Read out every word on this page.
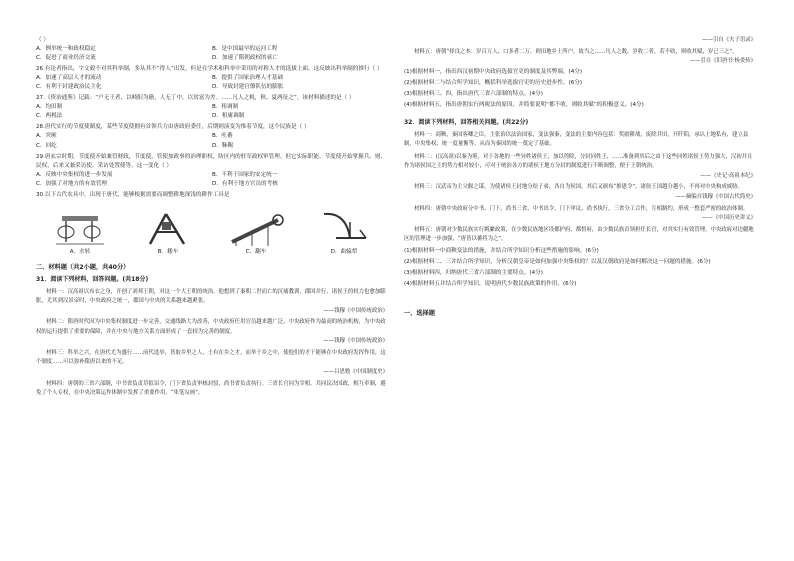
（ ）

A．例举统一和政权稳定	B．是中国最早的运河工程
C．促进了商业经济交流	D．加速了隋朝政权的衰亡

26.有论者指出，宇文毅不对其科举制，多从其不“得人”出发，但是在学术和科举中采用的对称人才的选拔上面，这反映出科举制的推行（ ）

A．加速了高层人才的流动	B．提供了国家治理人才基础
C．有利于封建政治民主化	D．导致封建官僚队伍的膨胀

27.《资治通鉴》记载：“户无王者，以岐阳为籍，人无丁中，以贫富为差。……凡人之税，秋、夏两征之”。该材料描述的是（ ）

A．均田制	B．租调制
C．两税法	D．租庸调制

28.唐代实行的节度使制度，某些节度使拥有首领兵力由唐政府委任，后期则演变为推着节度，这个民族是（ ）

A．突厥	B．吐蕃
C．回纥	D．靺鞨

29.唐玄宗时期，节度使开始兼管财政，节度使、管使加政事的治理职权，防区内的驻军政权审管理。但它实际职能、节度使开始掌握兵、财、民权，后来又兼采访使、采访处置使等。这一变化（ ）

A．反映中央集权的进一步发展	B．不利于国家的安定统一
C．加强了对地方的有效管理	D．有利于地方官员的考核

30.以下古代农具中，出现于唐代，能够根据需要而调整耕地深浅的耕作工具是

A．水转	B．耧车	C．翻车	D．曲辕犁

二、材料题（共2小题，共40分）

31．阅读下列材料，回答问题。(共18分)

材料一：汉高祖以布衣之身，开创了刘邦王朝，对这一个大王朝的统治，他想到了秦朝二世而亡的沉痛教训，郡国并行，诸侯王的权力也愈加膨胀，尤其到汉景帝时，中央政府之统一，郡国与中央的关系越来越紧张。

——钱穆《中国传统政治》

材料二：隋唐时代因为中央集权制度进一步完善，交通线路大为改善，中央政府任用官员越来越广泛，中央政府作为最高的统治机构，为中央政权的运行提供了重要的保障，并在中央与地方关系方面形成了一套较为完善的制度。

——钱穆《中国传统政治》

材料三：科举之兴，在唐代尤为盛行……前代选举，皆取乡里之人，士有在乡之才，而举于乡之中，使他们的才干能够在中央政府发挥作用，这个制度……可以弥补隋唐以来的不足。

——吕思勉《中国制度史》

材料四：唐朝的三省六部制，中书省负责草拟诏令，门下省负责审核封驳，尚书省负责执行。三省长官同为宰相，共同议决国政，相互牵制，避免了个人专权，在中央决策运作体制中发挥了重要作用，“朱笔勾画”。

——引自《夫子语录》

材料五：唐朝“择良之本：岁百万人，口多者二万，则田地乡土所户，故当之……凡人之数，岁收二者，若不收，则收其赋，岁已三之”。

——引自《旧唐书·杨炎传》

(1)根据材料一，指出西汉初期中央政府选拔官吏的制度及其弊端。(4分)

(2)根据材料二与结合所学知识，概括科举选拔官吏的历史进步性。(6分)

(3)根据材料三、四，指出唐代三省六部制的特点。(4分)

(4)根据材料五，指出唐朝实行两税法的原因，并简要说明“都不收，则收其赋”的积极意义。(4分)

32．阅读下列材料，回答相关问题。(共22分)

材料一：商鞅，秦国客卿之臣，主张治以法治国家，变法强秦，变法的主要内容包括：奖励耕战，废除井田，开阡陌，承认土地私有，建立县制，中央集权，统一度量衡等，从而为秦国的统一奠定了基础。

材料二：(汉高祖)以秦为鉴，对于各地的一些异姓诸侯王，加以剪除，分封同姓王，……准备到其后之由于这些同姓诸侯王势力强大，汉初并且作为诸侯国之王的势力相对较小，可对于统治各方的诸侯王地方分封的制度进行不断调整，便于王朝统治。

——《史记·高祖本纪》

材料三：汉武帝为主父偃之谋，为使诸侯王封地分给子弟，各自为侯国，其后又颁布“推恩令”，诸侯王国越分越小，不再对中央构成威胁。

——摘编自钱穆《中国古代简史》

材料四：唐朝中央政府分中书、门下、尚书三省，中书出令，门下审议，尚书执行，三省分工合作，互相制约，形成一整套严密的政治体制。

——《中国历史讲义》

材料五：唐朝对少数民族实行羁縻政策，在少数民族地区设都护府、都督府，由少数民族首领担任长官，对其实行有效管理，中央政府对边疆地区的管理进一步加强，“唐皆以蕃将为之”。

(1)根据材料一中商鞅变法的措施，并结合所学知识分析这些措施的影响。(6分)

(2)根据材料二、三并结合所学知识，分析汉朝皇帝是如何加强中央集权的？以及汉朝政府是如何解决这一问题的措施。(6分)

(3)根据材料四，归纳唐代三省六部制的主要特点。(4分)

(4)根据材料五并结合所学知识，说明唐代少数民族政策的作用，(6分)

一、选择题
